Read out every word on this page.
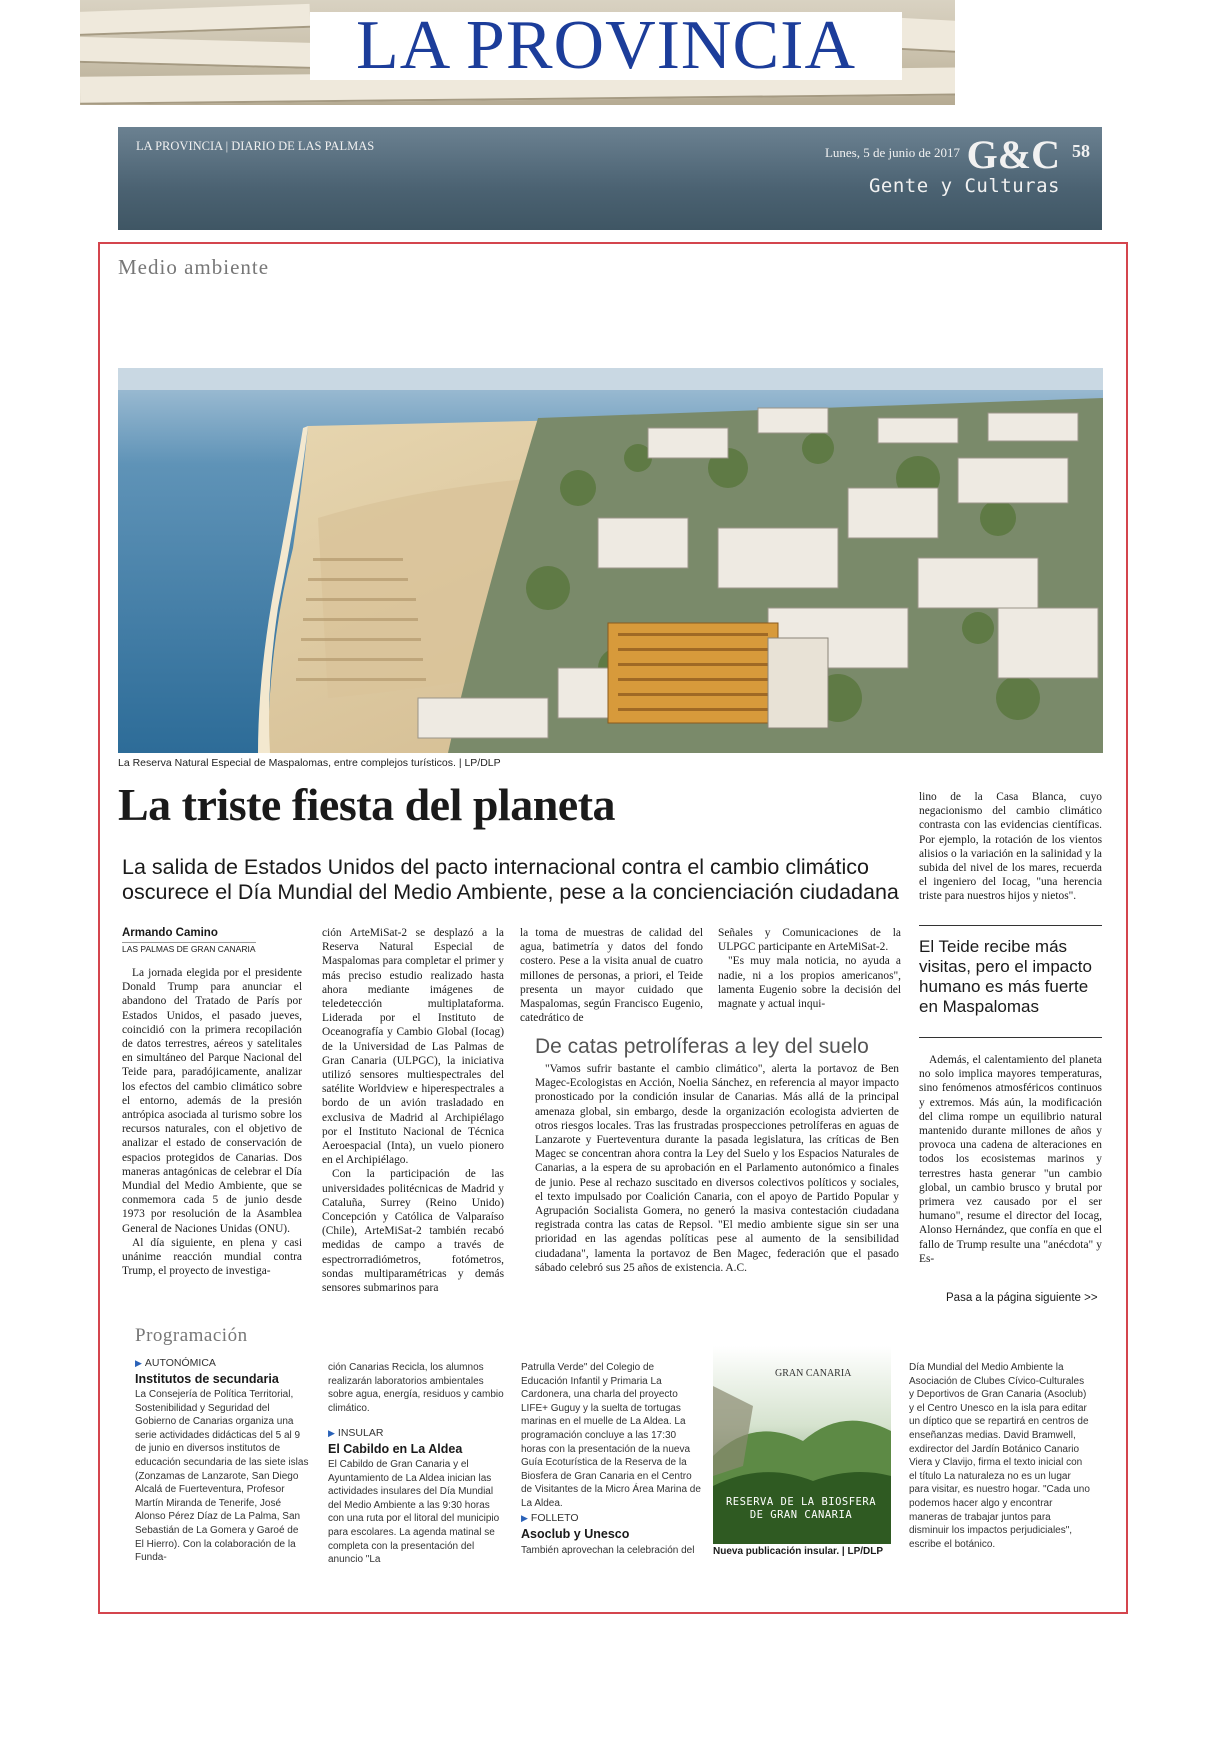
LA PROVINCIA
LA PROVINCIA | DIARIO DE LAS PALMAS	Lunes, 5 de junio de 2017 G&C 58
Gente y Culturas
Medio ambiente
La Reserva Natural Especial de Maspalomas, entre complejos turísticos. | LP/DLP
La triste fiesta del planeta
La salida de Estados Unidos del pacto internacional contra el cambio climático oscurece el Día Mundial del Medio Ambiente, pese a la concienciación ciudadana
Armando Camino
LAS PALMAS DE GRAN CANARIA

La jornada elegida por el presidente Donald Trump para anunciar el abandono del Tratado de París por Estados Unidos, el pasado jueves, coincidió con la primera recopilación de datos terrestres, aéreos y satelitales en simultáneo del Parque Nacional del Teide para, paradójicamente, analizar los efectos del cambio climático sobre el entorno, además de la presión antrópica asociada al turismo sobre los recursos naturales, con el objetivo de analizar el estado de conservación de espacios protegidos de Canarias. Dos maneras antagónicas de celebrar el Día Mundial del Medio Ambiente, que se conmemora cada 5 de junio desde 1973 por resolución de la Asamblea General de Naciones Unidas (ONU).

Al día siguiente, en plena y casi unánime reacción mundial contra Trump, el proyecto de investiga-

ción ArteMiSat-2 se desplazó a la Reserva Natural Especial de Maspalomas para completar el primer y más preciso estudio realizado hasta ahora mediante imágenes de teledetección multiplataforma. Liderada por el Instituto de Oceanografía y Cambio Global (Iocag) de la Universidad de Las Palmas de Gran Canaria (ULPGC), la iniciativa utilizó sensores multiespectrales del satélite Worldview e hiperespectrales a bordo de un avión trasladado en exclusiva de Madrid al Archipiélago por el Instituto Nacional de Técnica Aeroespacial (Inta), un vuelo pionero en el Archipiélago.

Con la participación de las universidades politécnicas de Madrid y Cataluña, Surrey (Reino Unido) Concepción y Católica de Valparaíso (Chile), ArteMiSat-2 también recabó medidas de campo a través de espectrorradiómetros, fotómetros, sondas multiparamétricas y demás sensores submarinos para

la toma de muestras de calidad del agua, batimetría y datos del fondo costero. Pese a la visita anual de cuatro millones de personas, a priori, el Teide presenta un mayor cuidado que Maspalomas, según Francisco Eugenio, catedrático de

Señales y Comunicaciones de la ULPGC participante en ArteMiSat-2.

"Es muy mala noticia, no ayuda a nadie, ni a los propios americanos", lamenta Eugenio sobre la decisión del magnate y actual inqui-

De catas petrolíferas a ley del suelo

"Vamos sufrir bastante el cambio climático", alerta la portavoz de Ben Magec-Ecologistas en Acción, Noelia Sánchez, en referencia al mayor impacto pronosticado por la condición insular de Canarias. Más allá de la principal amenaza global, sin embargo, desde la organización ecologista advierten de otros riesgos locales. Tras las frustradas prospecciones petrolíferas en aguas de Lanzarote y Fuerteventura durante la pasada legislatura, las críticas de Ben Magec se concentran ahora contra la Ley del Suelo y los Espacios Naturales de Canarias, a la espera de su aprobación en el Parlamento autonómico a finales de junio. Pese al rechazo suscitado en diversos colectivos políticos y sociales, el texto impulsado por Coalición Canaria, con el apoyo de Partido Popular y Agrupación Socialista Gomera, no generó la masiva contestación ciudadana registrada contra las catas de Repsol. "El medio ambiente sigue sin ser una prioridad en las agendas políticas pese al aumento de la sensibilidad ciudadana", lamenta la portavoz de Ben Magec, federación que el pasado sábado celebró sus 25 años de existencia. A.C.

lino de la Casa Blanca, cuyo negacionismo del cambio climático contrasta con las evidencias científicas. Por ejemplo, la rotación de los vientos alisios o la variación en la salinidad y la subida del nivel de los mares, recuerda el ingeniero del Iocag, "una herencia triste para nuestros hijos y nietos".

El Teide recibe más visitas, pero el impacto humano es más fuerte en Maspalomas

Además, el calentamiento del planeta no solo implica mayores temperaturas, sino fenómenos atmosféricos continuos y extremos. Más aún, la modificación del clima rompe un equilibrio natural mantenido durante millones de años y provoca una cadena de alteraciones en todos los ecosistemas marinos y terrestres hasta generar "un cambio global, un cambio brusco y brutal por primera vez causado por el ser humano", resume el director del Iocag, Alonso Hernández, que confía en que el fallo de Trump resulte una "anécdota" y Es-

Pasa a la página siguiente >>
Programación
▶ AUTONÓMICA
Institutos de secundaria
La Consejería de Política Territorial, Sostenibilidad y Seguridad del Gobierno de Canarias organiza una serie actividades didácticas del 5 al 9 de junio en diversos institutos de educación secundaria de las siete islas (Zonzamas de Lanzarote, San Diego Alcalá de Fuerteventura, Profesor Martín Miranda de Tenerife, José Alonso Pérez Díaz de La Palma, San Sebastián de La Gomera y Garoé de El Hierro). Con la colaboración de la Funda-
ción Canarias Recicla, los alumnos realizarán laboratorios ambientales sobre agua, energía, residuos y cambio climático.
▶ INSULAR
El Cabildo en La Aldea
El Cabildo de Gran Canaria y el Ayuntamiento de La Aldea inician las actividades insulares del Día Mundial del Medio Ambiente a las 9:30 horas con una ruta por el litoral del municipio para escolares. La agenda matinal se completa con la presentación del anuncio "La
Patrulla Verde" del Colegio de Educación Infantil y Primaria La Cardonera, una charla del proyecto LIFE+ Guguy y la suelta de tortugas marinas en el muelle de La Aldea. La programación concluye a las 17:30 horas con la presentación de la nueva Guía Ecoturística de la Reserva de la Biosfera de Gran Canaria en el Centro de Visitantes de la Micro Área Marina de La Aldea.
▶ FOLLETO
Asoclub y Unesco
También aprovechan la celebración del
GRAN CANARIA
RESERVA DE LA BIOSFERA DE GRAN CANARIA
Nueva publicación insular. | LP/DLP
Día Mundial del Medio Ambiente la Asociación de Clubes Cívico-Culturales y Deportivos de Gran Canaria (Asoclub) y el Centro Unesco en la isla para editar un díptico que se repartirá en centros de enseñanzas medias. David Bramwell, exdirector del Jardín Botánico Canario Viera y Clavijo, firma el texto inicial con el título La naturaleza no es un lugar para visitar, es nuestro hogar. "Cada uno podemos hacer algo y encontrar maneras de trabajar juntos para disminuir los impactos perjudiciales", escribe el botánico.
